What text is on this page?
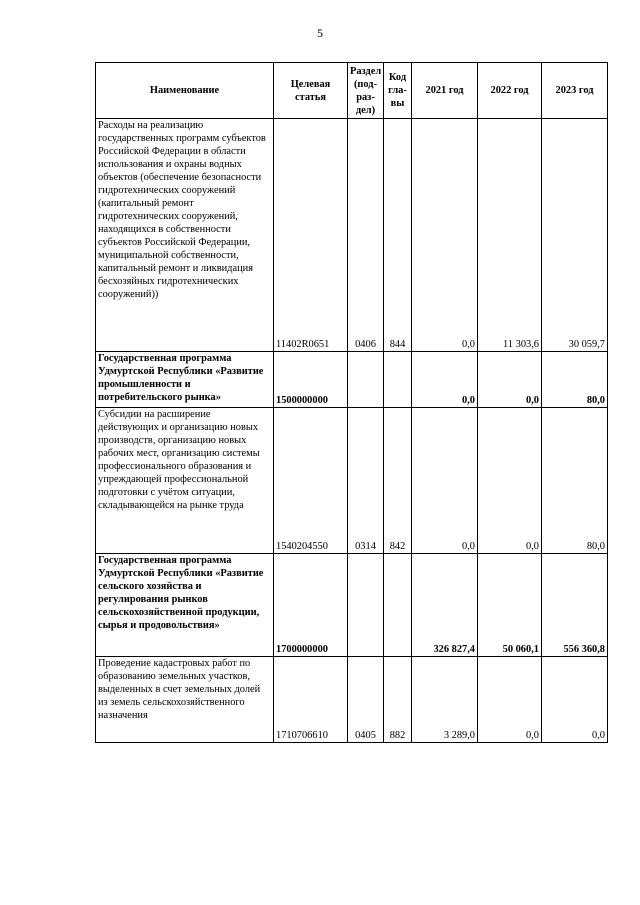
5
Наименование	Целевая статья	Раздел (под-раз-дел)	Код гла-вы	2021 год	2022 год	2023 год
Расходы на реализацию государственных программ субъектов Российской Федерации в области использования и охраны водных объектов (обеспечение безопасности гидротехнических сооружений (капитальный ремонт гидротехнических сооружений, находящихся в собственности субъектов Российской Федерации, муниципальной собственности, капитальный ремонт и ликвидация бесхозяйных гидротехнических сооружений))	11402R0651	0406	844	0,0	11 303,6	30 059,7
Государственная программа Удмуртской Республики «Развитие промышленности и потребительского рынка»	1500000000			0,0	0,0	80,0
Субсидии на расширение действующих и организацию новых производств, организацию новых рабочих мест, организацию системы профессионального образования и упреждающей профессиональной подготовки с учётом ситуации, складывающейся на рынке труда	1540204550	0314	842	0,0	0,0	80,0
Государственная программа Удмуртской Республики «Развитие сельского хозяйства и регулирования рынков сельскохозяйственной продукции, сырья и продовольствия»	1700000000			326 827,4	50 060,1	556 360,8
Проведение кадастровых работ по образованию земельных участков, выделенных в счет земельных долей из земель сельскохозяйственного назначения	1710706610	0405	882	3 289,0	0,0	0,0
